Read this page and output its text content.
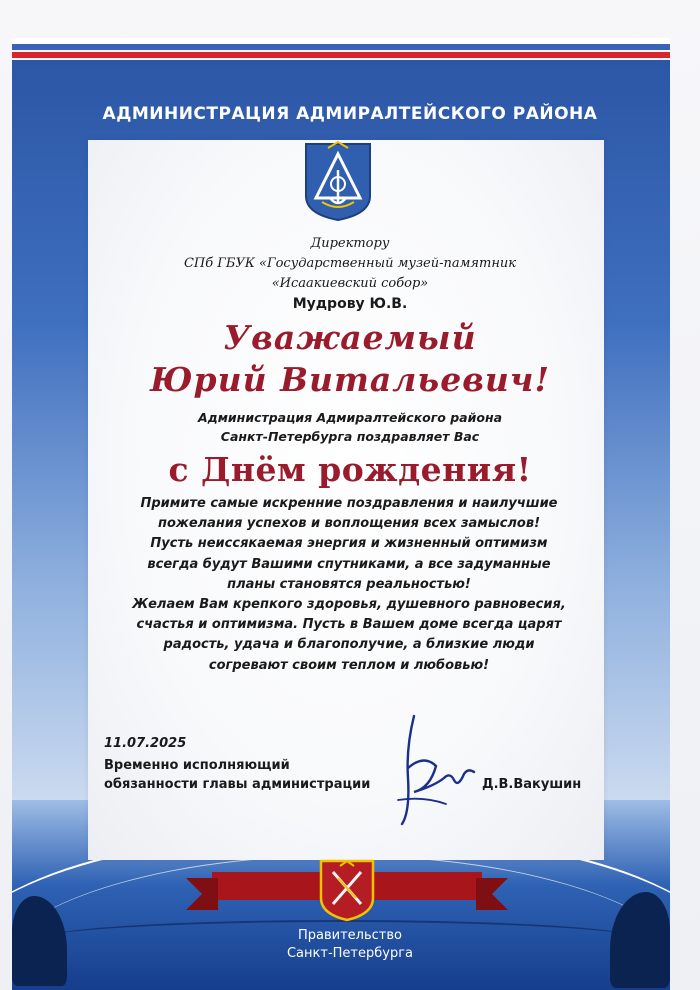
АДМИНИСТРАЦИЯ АДМИРАЛТЕЙСКОГО РАЙОНА
Директору
СПб ГБУК «Государственный музей-памятник
«Исаакиевский собор»
Мудрову Ю.В.
Уважаемый
Юрий Витальевич!
Администрация Адмиралтейского района
Санкт-Петербурга поздравляет Вас
с Днём рождения!
Примите самые искренние поздравления и наилучшие
пожелания успехов и воплощения всех замыслов!
Пусть неиссякаемая энергия и жизненный оптимизм
всегда будут Вашими спутниками, а все задуманные
планы становятся реальностью!
Желаем Вам крепкого здоровья, душевного равновесия,
счастья и оптимизма. Пусть в Вашем доме всегда царят
радость, удача и благополучие, а близкие люди
согревают своим теплом и любовью!
11.07.2025
Временно исполняющий
обязанности главы администрации	Д.В.Вакушин
Правительство
Санкт-Петербурга
